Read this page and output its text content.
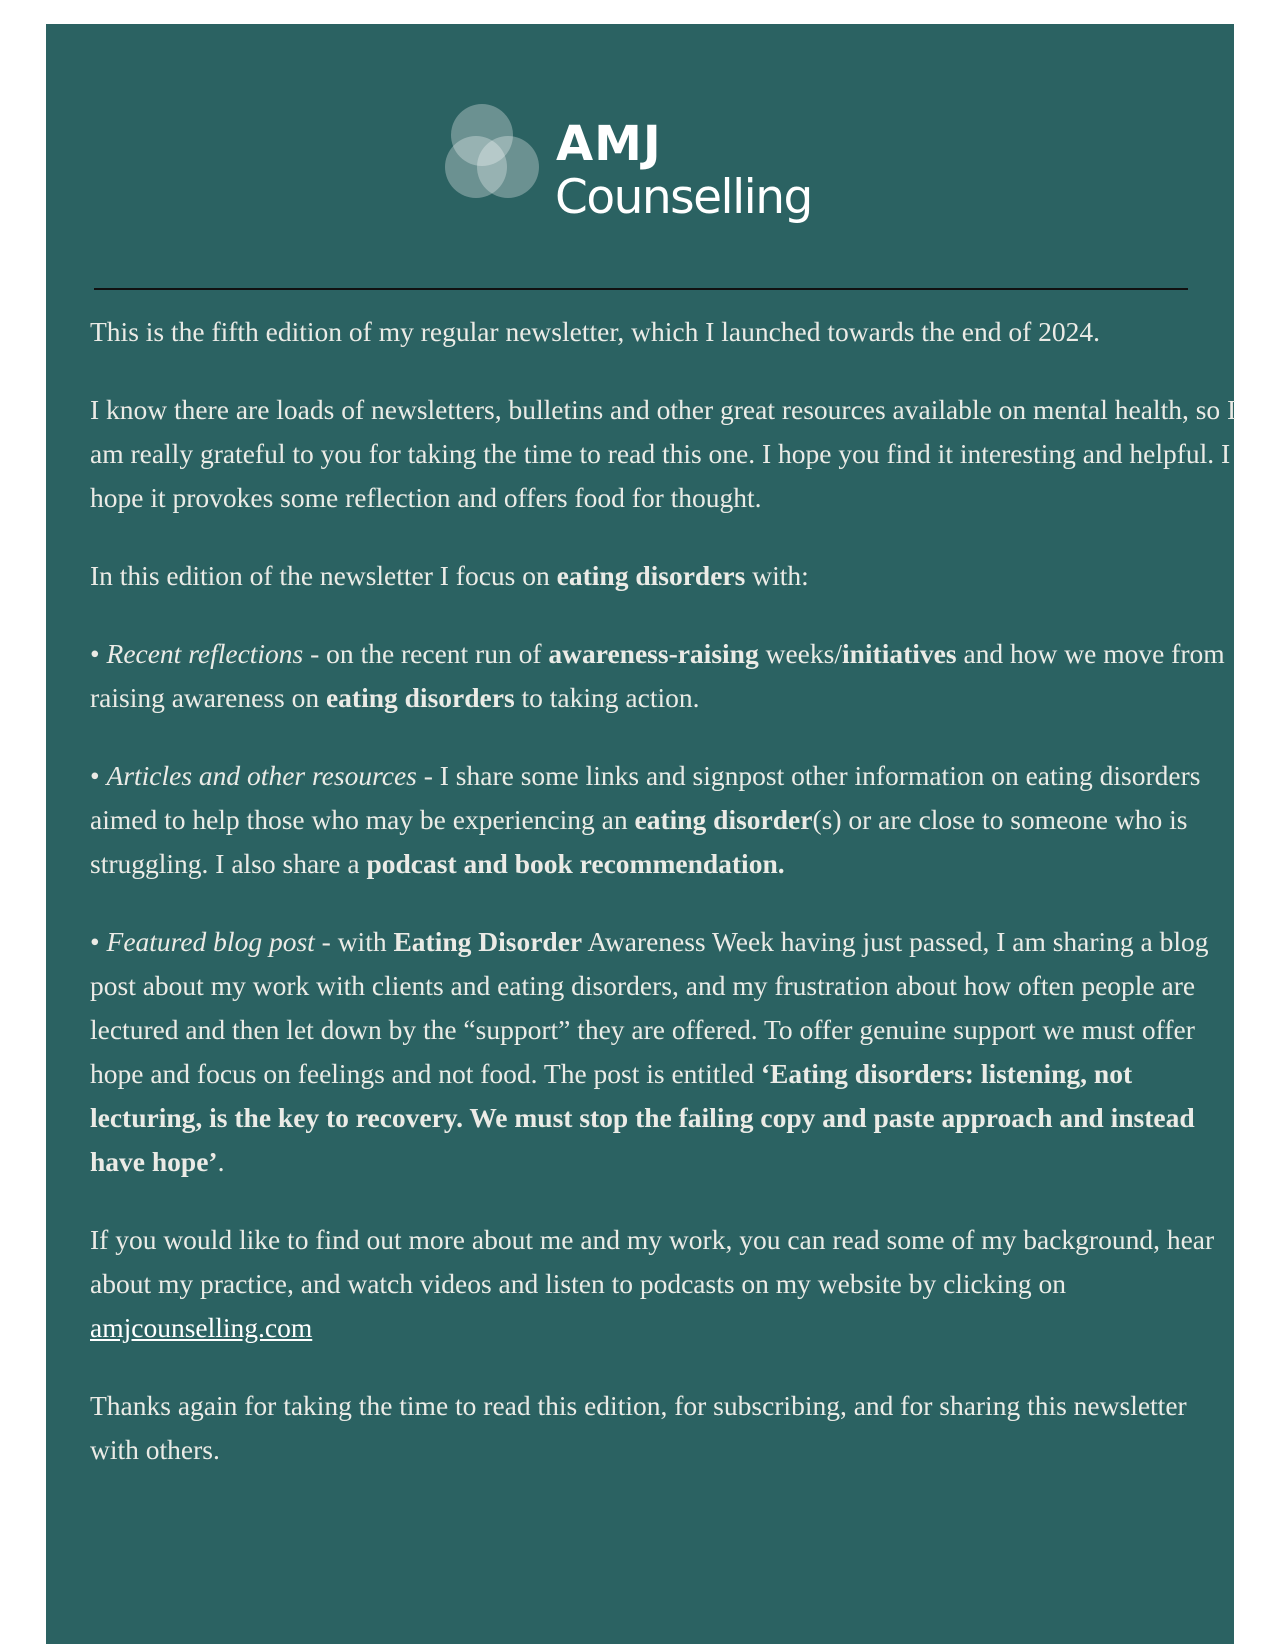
AMJ
Counselling

This is the fifth edition of my regular newsletter, which I launched towards the end of 2024.

I know there are loads of newsletters, bulletins and other great resources available on mental health, so I am really grateful to you for taking the time to read this one. I hope you find it interesting and helpful. I hope it provokes some reflection and offers food for thought.

In this edition of the newsletter I focus on eating disorders with:

• Recent reflections - on the recent run of awareness-raising weeks/initiatives and how we move from raising awareness on eating disorders to taking action.

• Articles and other resources - I share some links and signpost other information on eating disorders aimed to help those who may be experiencing an eating disorder(s) or are close to someone who is struggling. I also share a podcast and book recommendation.

• Featured blog post - with Eating Disorder Awareness Week having just passed, I am sharing a blog post about my work with clients and eating disorders, and my frustration about how often people are lectured and then let down by the “support” they are offered. To offer genuine support we must offer hope and focus on feelings and not food. The post is entitled ‘Eating disorders: listening, not lecturing, is the key to recovery. We must stop the failing copy and paste approach and instead have hope’.

If you would like to find out more about me and my work, you can read some of my background, hear about my practice, and watch videos and listen to podcasts on my website by clicking on amjcounselling.com

Thanks again for taking the time to read this edition, for subscribing, and for sharing this newsletter with others.
